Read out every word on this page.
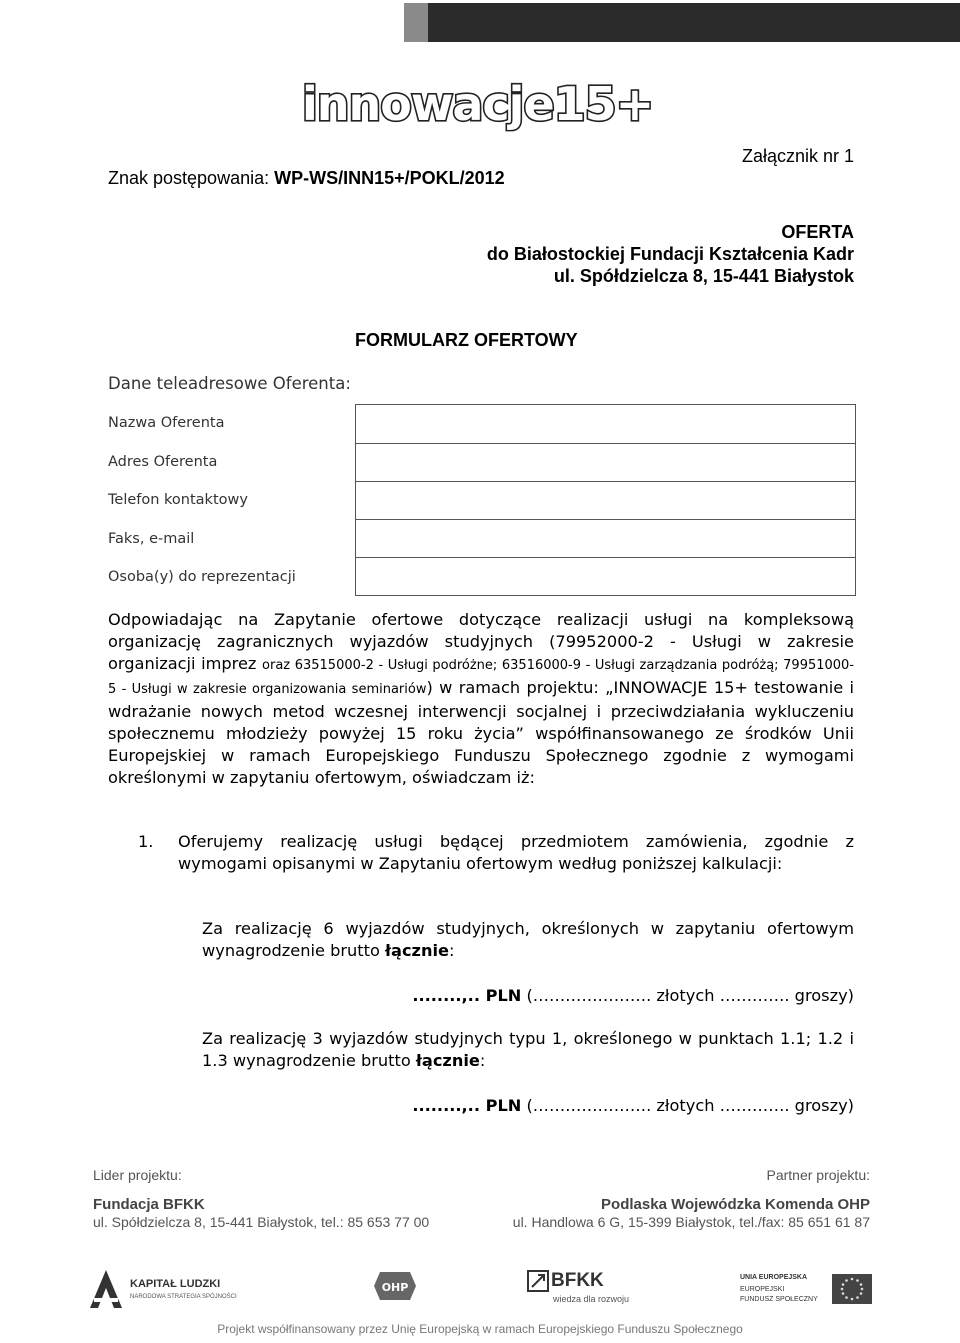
innowacje15+
Znak postępowania: WP-WS/INN15+/POKL/2012
Załącznik nr 1
OFERTA
do Białostockiej Fundacji Kształcenia Kadr
ul. Spółdzielcza 8, 15-441 Białystok
FORMULARZ OFERTOWY
Dane teleadresowe Oferenta:
Nazwa Oferenta
Adres Oferenta
Telefon kontaktowy
Faks, e-mail
Osoba(y) do reprezentacji
Odpowiadając na Zapytanie ofertowe dotyczące realizacji usługi na kompleksową organizację zagranicznych wyjazdów studyjnych (79952000-2 - Usługi w zakresie organizacji imprez oraz 63515000-2 - Usługi podróżne; 63516000-9 - Usługi zarządzania podróżą; 79951000-5 - Usługi w zakresie organizowania seminariów) w ramach projektu: „INNOWACJE 15+ testowanie i wdrażanie nowych metod wczesnej interwencji socjalnej i przeciwdziałania wykluczeniu społecznemu młodzieży powyżej 15 roku życia” współfinansowanego ze środków Unii Europejskiej w ramach Europejskiego Funduszu Społecznego zgodnie z wymogami określonymi w zapytaniu ofertowym, oświadczam iż:
1. Oferujemy realizację usługi będącej przedmiotem zamówienia, zgodnie z wymogami opisanymi w Zapytaniu ofertowym według poniższej kalkulacji:
Za realizację 6 wyjazdów studyjnych, określonych w zapytaniu ofertowym wynagrodzenie brutto łącznie:
........,.. PLN (…………………. złotych …………. groszy)
Za realizację 3 wyjazdów studyjnych typu 1, określonego w punktach 1.1; 1.2 i 1.3 wynagrodzenie brutto łącznie:
........,.. PLN (…………………. złotych …………. groszy)
Lider projektu:
Fundacja BFKK
ul. Spółdzielcza 8, 15-441 Białystok, tel.: 85 653 77 00
Partner projektu:
Podlaska Wojewódzka Komenda OHP
ul. Handlowa 6 G, 15-399 Białystok, tel./fax: 85 651 61 87
KAPITAŁ LUDZKI
NARODOWA STRATEGIA SPÓJNOŚCI
OHP	BFKK
wiedza dla rozwoju
UNIA EUROPEJSKA
EUROPEJSKI
FUNDUSZ SPOŁECZNY
Projekt współfinansowany przez Unię Europejską w ramach Europejskiego Funduszu Społecznego
